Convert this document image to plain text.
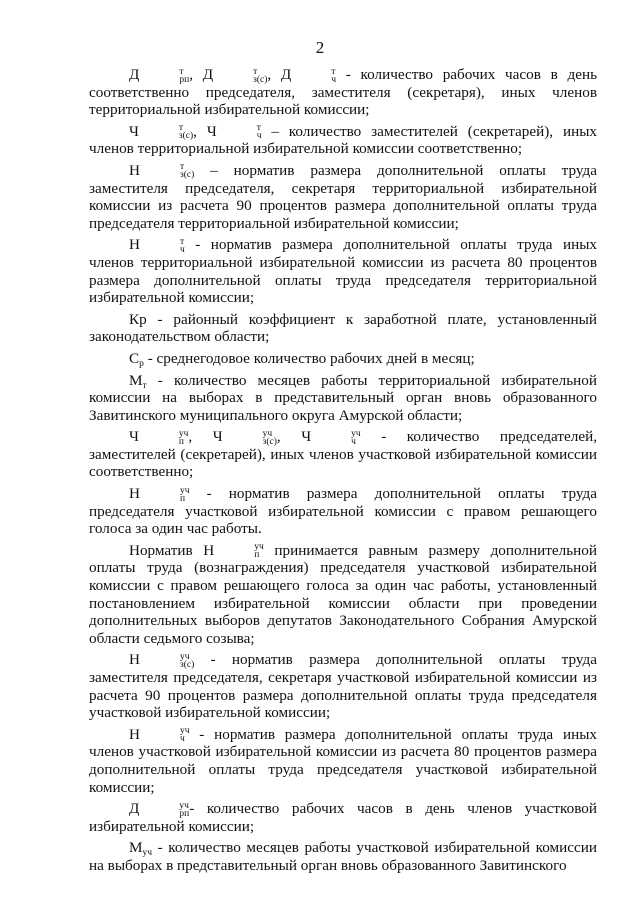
2

Д	т
рп , Д	т
з(с) , Д	т
ч - количество рабочих часов в день соответственно председателя, заместителя (секретаря), иных членов территориальной избирательной комиссии;

Ч	т
з(с) , Ч	т
ч – количество заместителей (секретарей), иных членов территориальной избирательной комиссии соответственно;

Н	т
з(с) – норматив размера дополнительной оплаты труда заместителя председателя, секретаря территориальной избирательной комиссии из расчета 90 процентов размера дополнительной оплаты труда председателя территориальной избирательной комиссии;

Н	т
ч - норматив размера дополнительной оплаты труда иных членов территориальной избирательной комиссии из расчета 80 процентов размера дополнительной оплаты труда председателя территориальной избирательной комиссии;

Кр - районный коэффициент к заработной плате, установленный законодательством области;

Ср - среднегодовое количество рабочих дней в месяц;

Мт - количество месяцев работы территориальной избирательной комиссии на выборах в представительный орган вновь образованного Завитинского муниципального округа Амурской области;

Ч	уч
п , Ч	уч
з(с) , Ч	уч
ч - количество председателей, заместителей (секретарей), иных членов участковой избирательной комиссии соответственно;

Н	уч
п - норматив размера дополнительной оплаты труда председателя участковой избирательной комиссии с правом решающего голоса за один час работы.

Норматив Н	уч
п принимается равным размеру дополнительной оплаты труда (вознаграждения) председателя участковой избирательной комиссии с правом решающего голоса за один час работы, установленный постановлением избирательной комиссии области при проведении дополнительных выборов депутатов Законодательного Собрания Амурской области седьмого созыва;

Н	уч
з(с) - норматив размера дополнительной оплаты труда заместителя председателя, секретаря участковой избирательной комиссии из расчета 90 процентов размера дополнительной оплаты труда председателя участковой избирательной комиссии;

Н	уч
ч - норматив размера дополнительной оплаты труда иных членов участковой избирательной комиссии из расчета 80 процентов размера дополнительной оплаты труда председателя участковой избирательной комиссии;

Д	уч
рп - количество рабочих часов в день членов участковой избирательной комиссии;

Муч - количество месяцев работы участковой избирательной комиссии на выборах в представительный орган вновь образованного Завитинского
